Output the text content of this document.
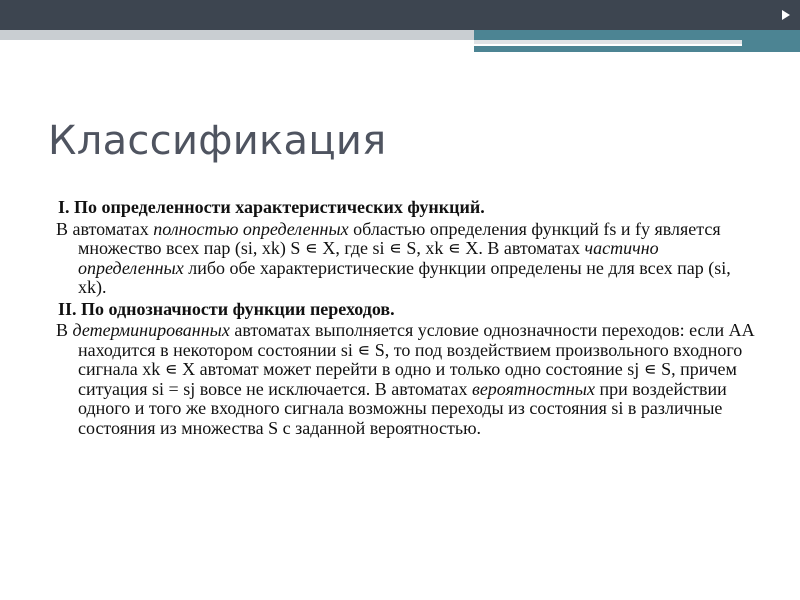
Классификация

I. По определенности характеристических функций.

В автоматах полностью определенных областью определения функций fs и fy является множество всех пар (si, xk) S ∊ X, где si ∊ S, xk ∊ X. В автоматах частично определенных либо обе характеристические функции определены не для всех пар (si, xk).

II. По однозначности функции переходов.

В детерминированных автоматах выполняется условие однозначности переходов: если АА находится в некотором состоянии si ∊ S, то под воздействием произвольного входного сигнала xk ∊ X автомат может перейти в одно и только одно состояние sj ∊ S, причем ситуация si = sj вовсе не исключается. В автоматах вероятностных при воздействии одного и того же входного сигнала возможны переходы из состояния si в различные состояния из множества S с заданной вероятностью.
